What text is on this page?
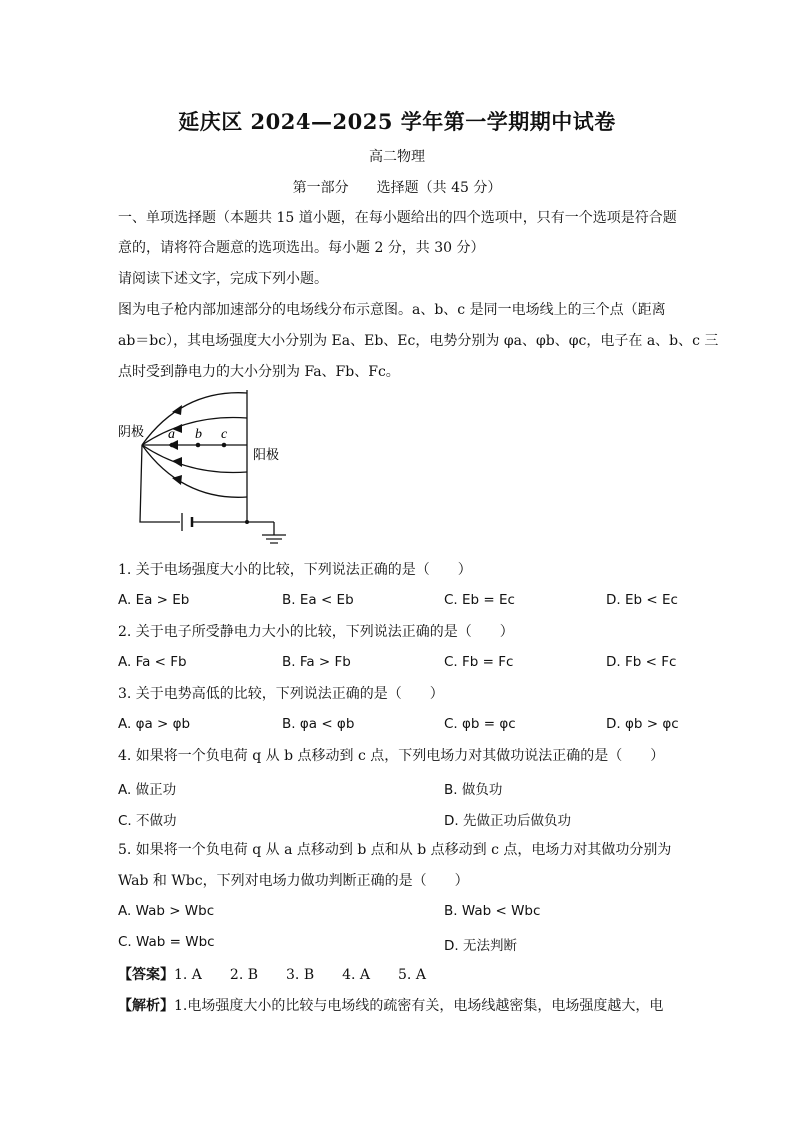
延庆区 2024—2025 学年第一学期期中试卷
高二物理
第一部分　　选择题（共 45 分）
一、单项选择题（本题共 15 道小题，在每小题给出的四个选项中，只有一个选项是符合题
意的，请将符合题意的选项选出。每小题 2 分，共 30 分）
请阅读下述文字，完成下列小题。
图为电子枪内部加速部分的电场线分布示意图。a、b、c 是同一电场线上的三个点（距离
ab＝bc），其电场强度大小分别为 Ea、Eb、Ec，电势分别为 φa、φb、φc，电子在 a、b、c 三
点时受到静电力的大小分别为 Fa、Fb、Fc。
a b c
阴极
阳极
1. 关于电场强度大小的比较，下列说法正确的是（　　）
A. Ea > Eb	B. Ea < Eb	C. Eb = Ec	D. Eb < Ec
2. 关于电子所受静电力大小的比较，下列说法正确的是（　　）
A. Fa < Fb	B. Fa > Fb	C. Fb = Fc	D. Fb < Fc
3. 关于电势高低的比较，下列说法正确的是（　　）
A. φa > φb	B. φa < φb	C. φb = φc	D. φb > φc
4. 如果将一个负电荷 q 从 b 点移动到 c 点，下列电场力对其做功说法正确的是（　　）
A. 做正功	B. 做负功
C. 不做功	D. 先做正功后做负功
5. 如果将一个负电荷 q 从 a 点移动到 b 点和从 b 点移动到 c 点，电场力对其做功分别为
Wab 和 Wbc，下列对电场力做功判断正确的是（　　）
A. Wab > Wbc	B. Wab < Wbc
C. Wab = Wbc	D. 无法判断
【答案】1. A　　2. B　　3. B　　4. A　　5. A
【解析】1.电场强度大小的比较与电场线的疏密有关，电场线越密集，电场强度越大，电
